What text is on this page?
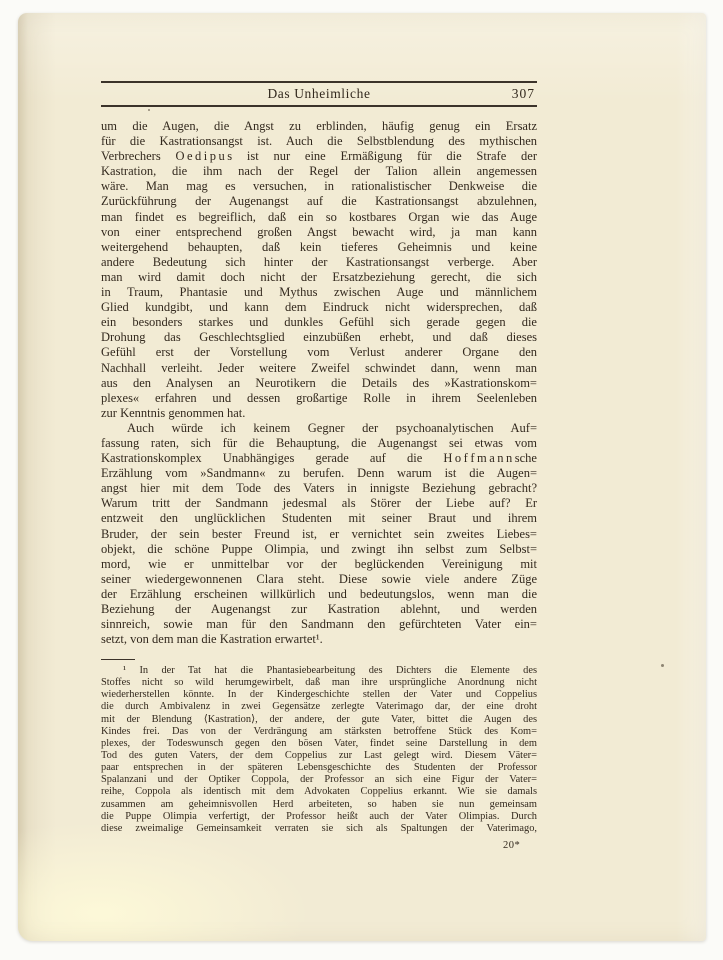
Das Unheimliche	307
um die Augen, die Angst zu erblinden, häufig genug ein Ersatz
für die Kastrationsangst ist. Auch die Selbstblendung des mythischen
Verbrechers O e d i p u s ist nur eine Ermäßigung für die Strafe der
Kastration, die ihm nach der Regel der Talion allein angemessen
wäre. Man mag es versuchen, in rationalistischer Denkweise die
Zurückführung der Augenangst auf die Kastrationsangst abzulehnen,
man findet es begreiflich, daß ein so kostbares Organ wie das Auge
von einer entsprechend großen Angst bewacht wird, ja man kann
weitergehend behaupten, daß kein tieferes Geheimnis und keine
andere Bedeutung sich hinter der Kastrationsangst verberge. Aber
man wird damit doch nicht der Ersatzbeziehung gerecht, die sich
in Traum, Phantasie und Mythus zwischen Auge und männlichem
Glied kundgibt, und kann dem Eindruck nicht widersprechen, daß
ein besonders starkes und dunkles Gefühl sich gerade gegen die
Drohung das Geschlechtsglied einzubüßen erhebt, und daß dieses
Gefühl erst der Vorstellung vom Verlust anderer Organe den
Nachhall verleiht. Jeder weitere Zweifel schwindet dann, wenn man
aus den Analysen an Neurotikern die Details des »Kastrationskom=
plexes« erfahren und dessen großartige Rolle in ihrem Seelenleben
zur Kenntnis genommen hat.
Auch würde ich keinem Gegner der psychoanalytischen Auf=
fassung raten, sich für die Behauptung, die Augenangst sei etwas vom
Kastrationskomplex Unabhängiges gerade auf die H o f f m a n n sche
Erzählung vom »Sandmann« zu berufen. Denn warum ist die Augen=
angst hier mit dem Tode des Vaters in innigste Beziehung gebracht?
Warum tritt der Sandmann jedesmal als Störer der Liebe auf? Er
entzweit den unglücklichen Studenten mit seiner Braut und ihrem
Bruder, der sein bester Freund ist, er vernichtet sein zweites Liebes=
objekt, die schöne Puppe Olimpia, und zwingt ihn selbst zum Selbst=
mord, wie er unmittelbar vor der beglückenden Vereinigung mit
seiner wiedergewonnenen Clara steht. Diese sowie viele andere Züge
der Erzählung erscheinen willkürlich und bedeutungslos, wenn man die
Beziehung der Augenangst zur Kastration ablehnt, und werden
sinnreich, sowie man für den Sandmann den gefürchteten Vater ein=
setzt, von dem man die Kastration erwartet¹.
¹ In der Tat hat die Phantasiebearbeitung des Dichters die Elemente des
Stoffes nicht so wild herumgewirbelt, daß man ihre ursprüngliche Anordnung nicht
wiederherstellen könnte. In der Kindergeschichte stellen der Vater und Coppelius
die durch Ambivalenz in zwei Gegensätze zerlegte Vaterimago dar, der eine droht
mit der Blendung ⟨Kastration⟩, der andere, der gute Vater, bittet die Augen des
Kindes frei. Das von der Verdrängung am stärksten betroffene Stück des Kom=
plexes, der Todeswunsch gegen den bösen Vater, findet seine Darstellung in dem
Tod des guten Vaters, der dem Coppelius zur Last gelegt wird. Diesem Väter=
paar entsprechen in der späteren Lebensgeschichte des Studenten der Professor
Spalanzani und der Optiker Coppola, der Professor an sich eine Figur der Vater=
reihe, Coppola als identisch mit dem Advokaten Coppelius erkannt. Wie sie damals
zusammen am geheimnisvollen Herd arbeiteten, so haben sie nun gemeinsam
die Puppe Olimpia verfertigt, der Professor heißt auch der Vater Olimpias. Durch
diese zweimalige Gemeinsamkeit verraten sie sich als Spaltungen der Vaterimago,
20*
